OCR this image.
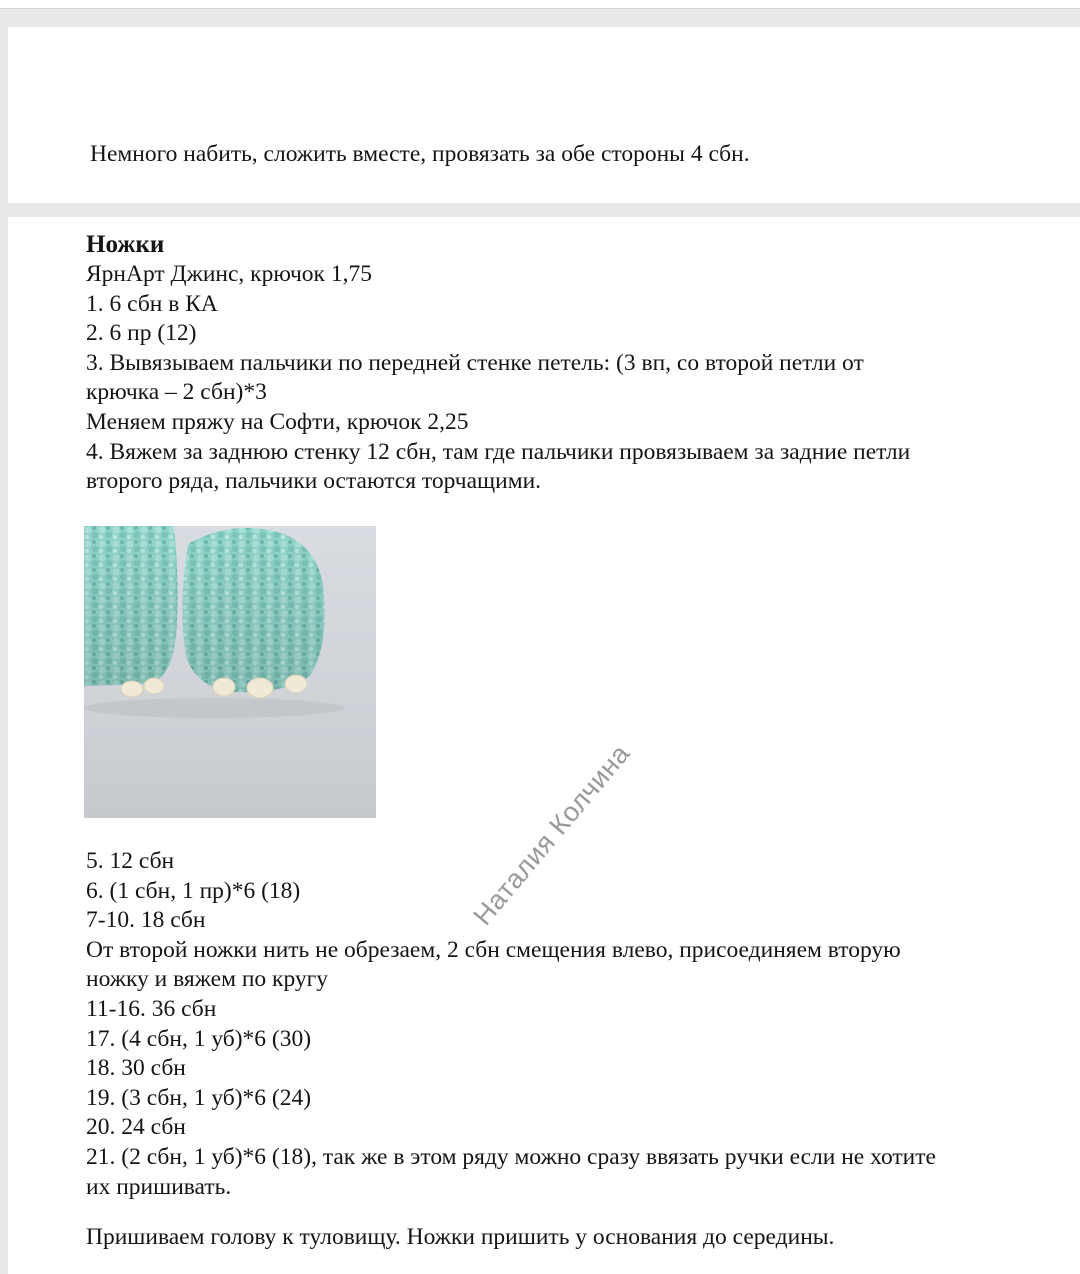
Немного набить, сложить вместе, провязать за обе стороны 4 сбн.
Ножки
ЯрнАрт Джинс, крючок 1,75
1. 6 сбн в КА
2. 6 пр (12)
3. Вывязываем пальчики по передней стенке петель: (3 вп, со второй петли от
крючка – 2 сбн)*3
Меняем пряжу на Софти, крючок 2,25
4. Вяжем за заднюю стенку 12 сбн, там где пальчики провязываем за задние петли
второго ряда, пальчики остаются торчащими.
5. 12 сбн
6. (1 сбн, 1 пр)*6 (18)
7-10. 18 сбн
От второй ножки нить не обрезаем, 2 сбн смещения влево, присоединяем вторую
ножку и вяжем по кругу
11-16. 36 сбн
17. (4 сбн, 1 уб)*6 (30)
18. 30 сбн
19. (3 сбн, 1 уб)*6 (24)
20. 24 сбн
21. (2 сбн, 1 уб)*6 (18), так же в этом ряду можно сразу ввязать ручки если не хотите
их пришивать.
Пришиваем голову к туловищу. Ножки пришить у основания до середины.
Наталия Колчина
